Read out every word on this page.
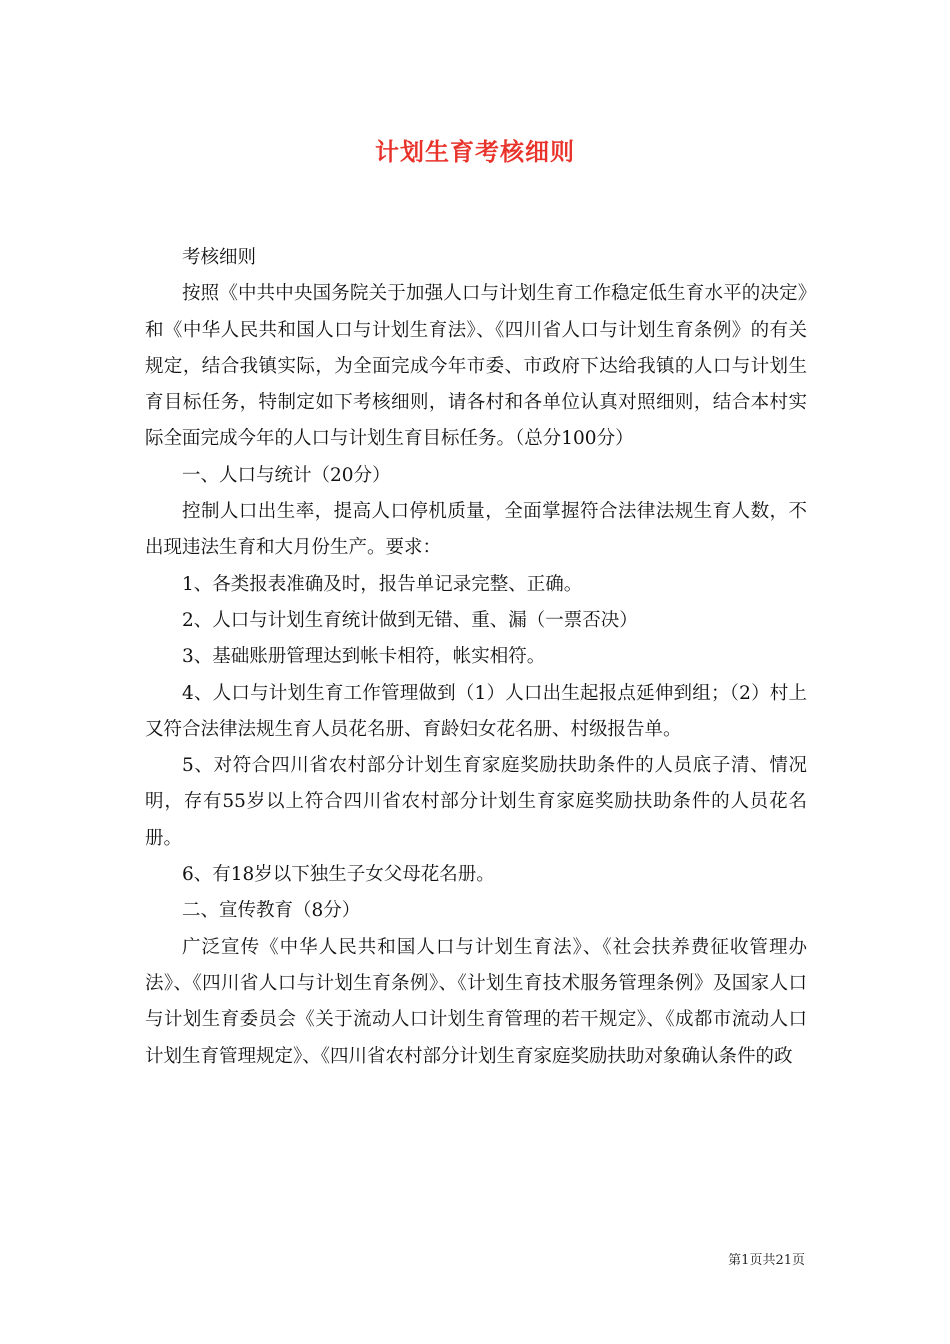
计划生育考核细则

考核细则

按照《中共中央国务院关于加强人口与计划生育工作稳定低生育水平的决定》和《中华人民共和国人口与计划生育法》、《四川省人口与计划生育条例》的有关规定，结合我镇实际，为全面完成今年市委、市政府下达给我镇的人口与计划生育目标任务，特制定如下考核细则，请各村和各单位认真对照细则，结合本村实际全面完成今年的人口与计划生育目标任务。（总分100分）

一、人口与统计（20分）

控制人口出生率，提高人口停机质量，全面掌握符合法律法规生育人数，不出现违法生育和大月份生产。要求：

1、各类报表准确及时，报告单记录完整、正确。

2、人口与计划生育统计做到无错、重、漏（一票否决）

3、基础账册管理达到帐卡相符，帐实相符。

4、人口与计划生育工作管理做到（1）人口出生起报点延伸到组；（2）村上又符合法律法规生育人员花名册、育龄妇女花名册、村级报告单。

5、对符合四川省农村部分计划生育家庭奖励扶助条件的人员底子清、情况明，存有55岁以上符合四川省农村部分计划生育家庭奖励扶助条件的人员花名册。

6、有18岁以下独生子女父母花名册。

二、宣传教育（8分）

广泛宣传《中华人民共和国人口与计划生育法》、《社会扶养费征收管理办法》、《四川省人口与计划生育条例》、《计划生育技术服务管理条例》及国家人口与计划生育委员会《关于流动人口计划生育管理的若干规定》、《成都市流动人口计划生育管理规定》、《四川省农村部分计划生育家庭奖励扶助对象确认条件的政

第1页共21页
